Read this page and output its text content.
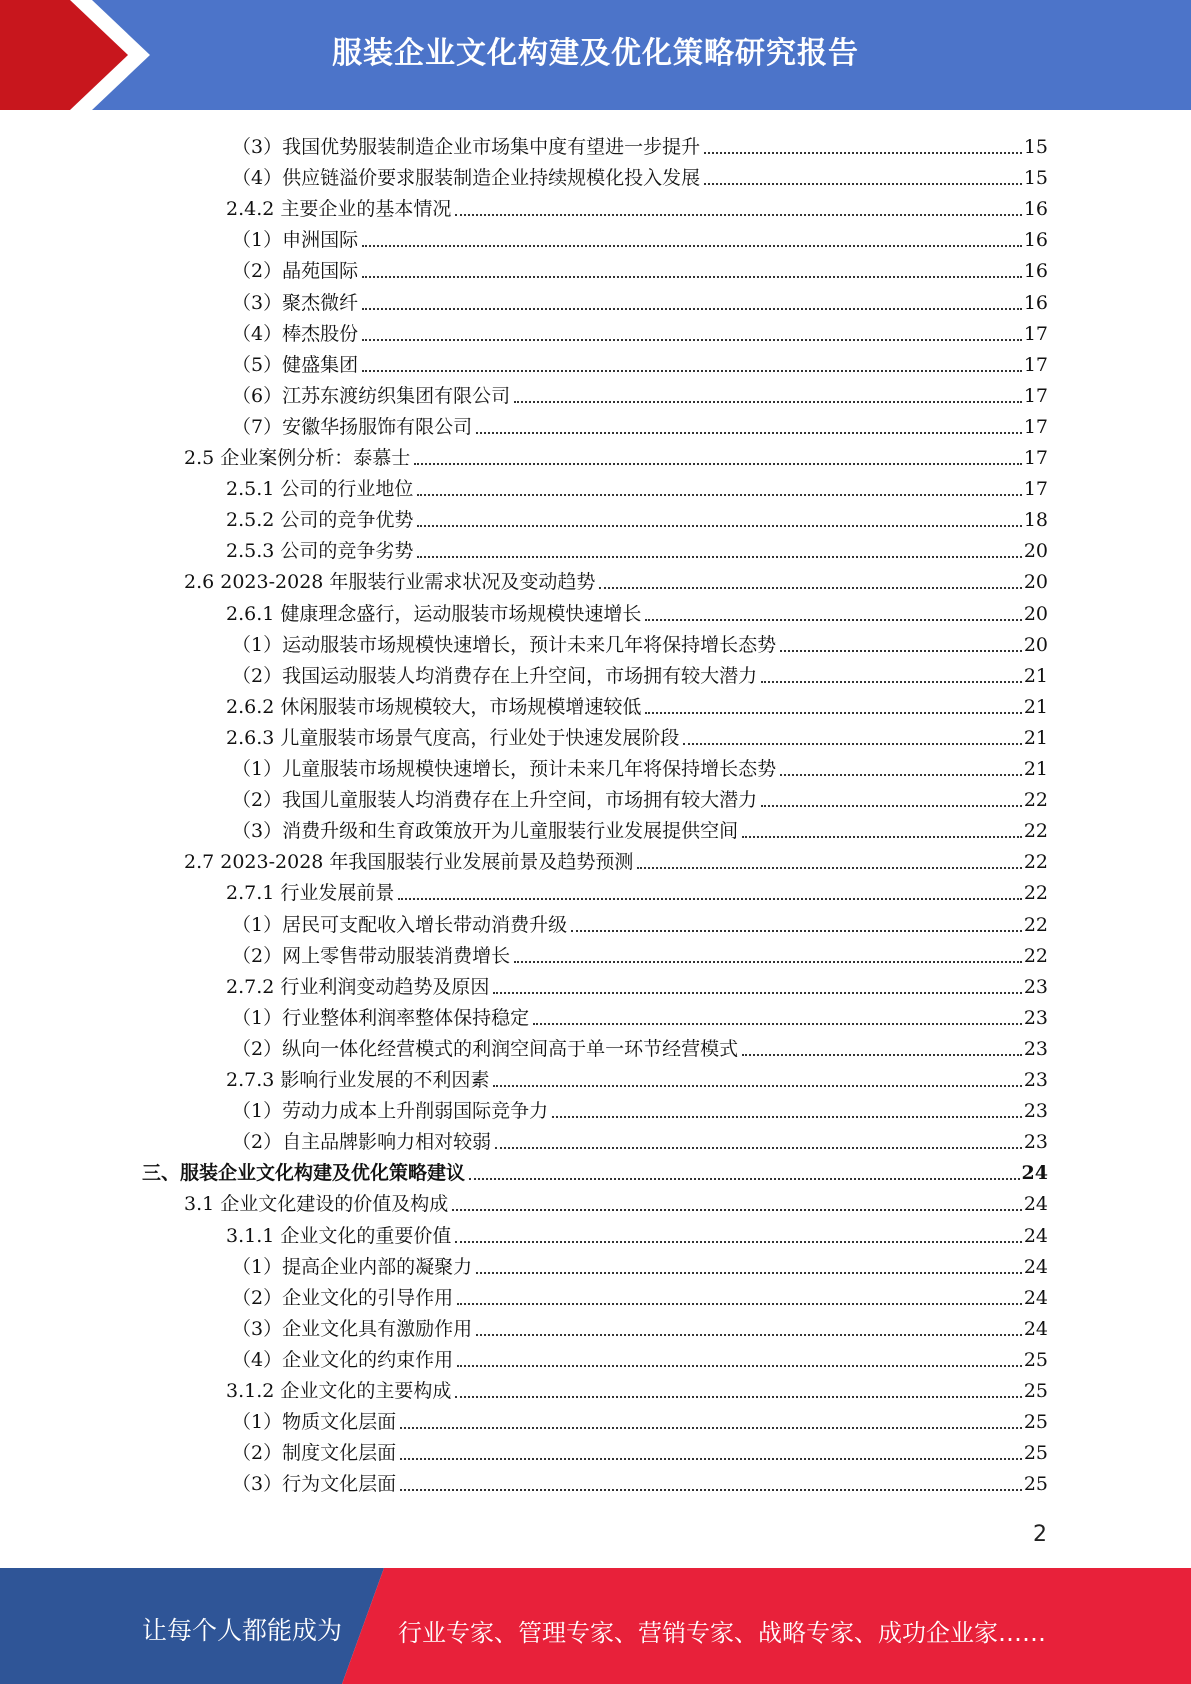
服装企业文化构建及优化策略研究报告
（3）我国优势服装制造企业市场集中度有望进一步提升	15
（4）供应链溢价要求服装制造企业持续规模化投入发展	15
2.4.2 主要企业的基本情况	16
（1）申洲国际	16
（2）晶苑国际	16
（3）聚杰微纤	16
（4）棒杰股份	17
（5）健盛集团	17
（6）江苏东渡纺织集团有限公司	17
（7）安徽华扬服饰有限公司	17
2.5 企业案例分析：泰慕士	17
2.5.1 公司的行业地位	17
2.5.2 公司的竞争优势	18
2.5.3 公司的竞争劣势	20
2.6 2023-2028 年服装行业需求状况及变动趋势	20
2.6.1 健康理念盛行，运动服装市场规模快速增长	20
（1）运动服装市场规模快速增长，预计未来几年将保持增长态势	20
（2）我国运动服装人均消费存在上升空间，市场拥有较大潜力	21
2.6.2 休闲服装市场规模较大，市场规模增速较低	21
2.6.3 儿童服装市场景气度高，行业处于快速发展阶段	21
（1）儿童服装市场规模快速增长，预计未来几年将保持增长态势	21
（2）我国儿童服装人均消费存在上升空间，市场拥有较大潜力	22
（3）消费升级和生育政策放开为儿童服装行业发展提供空间	22
2.7 2023-2028 年我国服装行业发展前景及趋势预测	22
2.7.1 行业发展前景	22
（1）居民可支配收入增长带动消费升级	22
（2）网上零售带动服装消费增长	22
2.7.2 行业利润变动趋势及原因	23
（1）行业整体利润率整体保持稳定	23
（2）纵向一体化经营模式的利润空间高于单一环节经营模式	23
2.7.3 影响行业发展的不利因素	23
（1）劳动力成本上升削弱国际竞争力	23
（2）自主品牌影响力相对较弱	23
三、服装企业文化构建及优化策略建议	24
3.1 企业文化建设的价值及构成	24
3.1.1 企业文化的重要价值	24
（1）提高企业内部的凝聚力	24
（2）企业文化的引导作用	24
（3）企业文化具有激励作用	24
（4）企业文化的约束作用	25
3.1.2 企业文化的主要构成	25
（1）物质文化层面	25
（2）制度文化层面	25
（3）行为文化层面	25
2
让每个人都能成为 行业专家、管理专家、营销专家、战略专家、成功企业家……
